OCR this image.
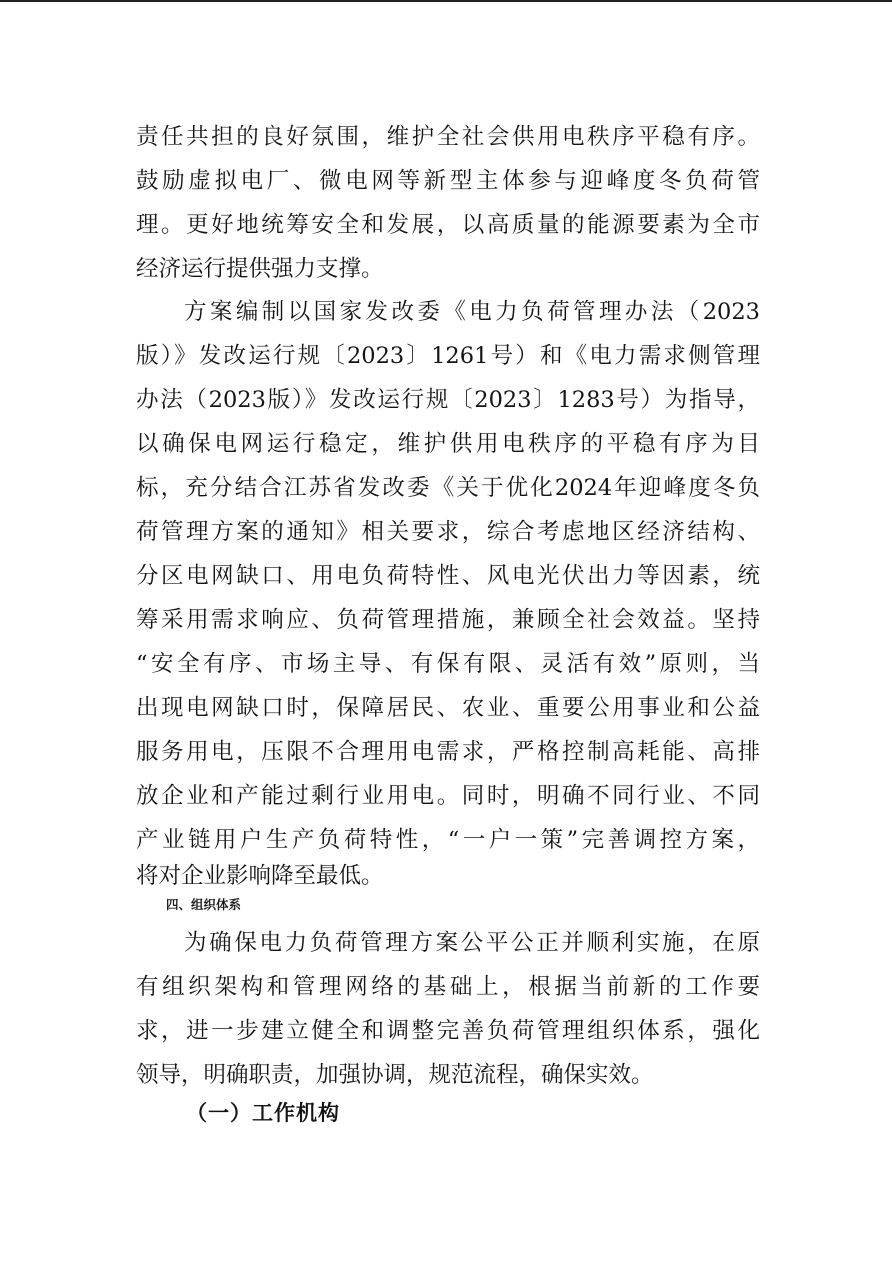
责任共担的良好氛围，维护全社会供用电秩序平稳有序。
鼓励虚拟电厂、微电网等新型主体参与迎峰度冬负荷管
理。更好地统筹安全和发展，以高质量的能源要素为全市
经济运行提供强力支撑。
方案编制以国家发改委《电力负荷管理办法（2023
版）》发改运行规〔2023〕1261号）和《电力需求侧管理
办法（2023版）》发改运行规〔2023〕1283号）为指导，
以确保电网运行稳定，维护供用电秩序的平稳有序为目
标，充分结合江苏省发改委《关于优化2024年迎峰度冬负
荷管理方案的通知》相关要求，综合考虑地区经济结构、
分区电网缺口、用电负荷特性、风电光伏出力等因素，统
筹采用需求响应、负荷管理措施，兼顾全社会效益。坚持
“安全有序、市场主导、有保有限、灵活有效”原则，当
出现电网缺口时，保障居民、农业、重要公用事业和公益
服务用电，压限不合理用电需求，严格控制高耗能、高排
放企业和产能过剩行业用电。同时，明确不同行业、不同
产业链用户生产负荷特性，“一户一策”完善调控方案，
将对企业影响降至最低。
四、组织体系
为确保电力负荷管理方案公平公正并顺利实施，在原
有组织架构和管理网络的基础上，根据当前新的工作要
求，进一步建立健全和调整完善负荷管理组织体系，强化
领导，明确职责，加强协调，规范流程，确保实效。
（一）工作机构
